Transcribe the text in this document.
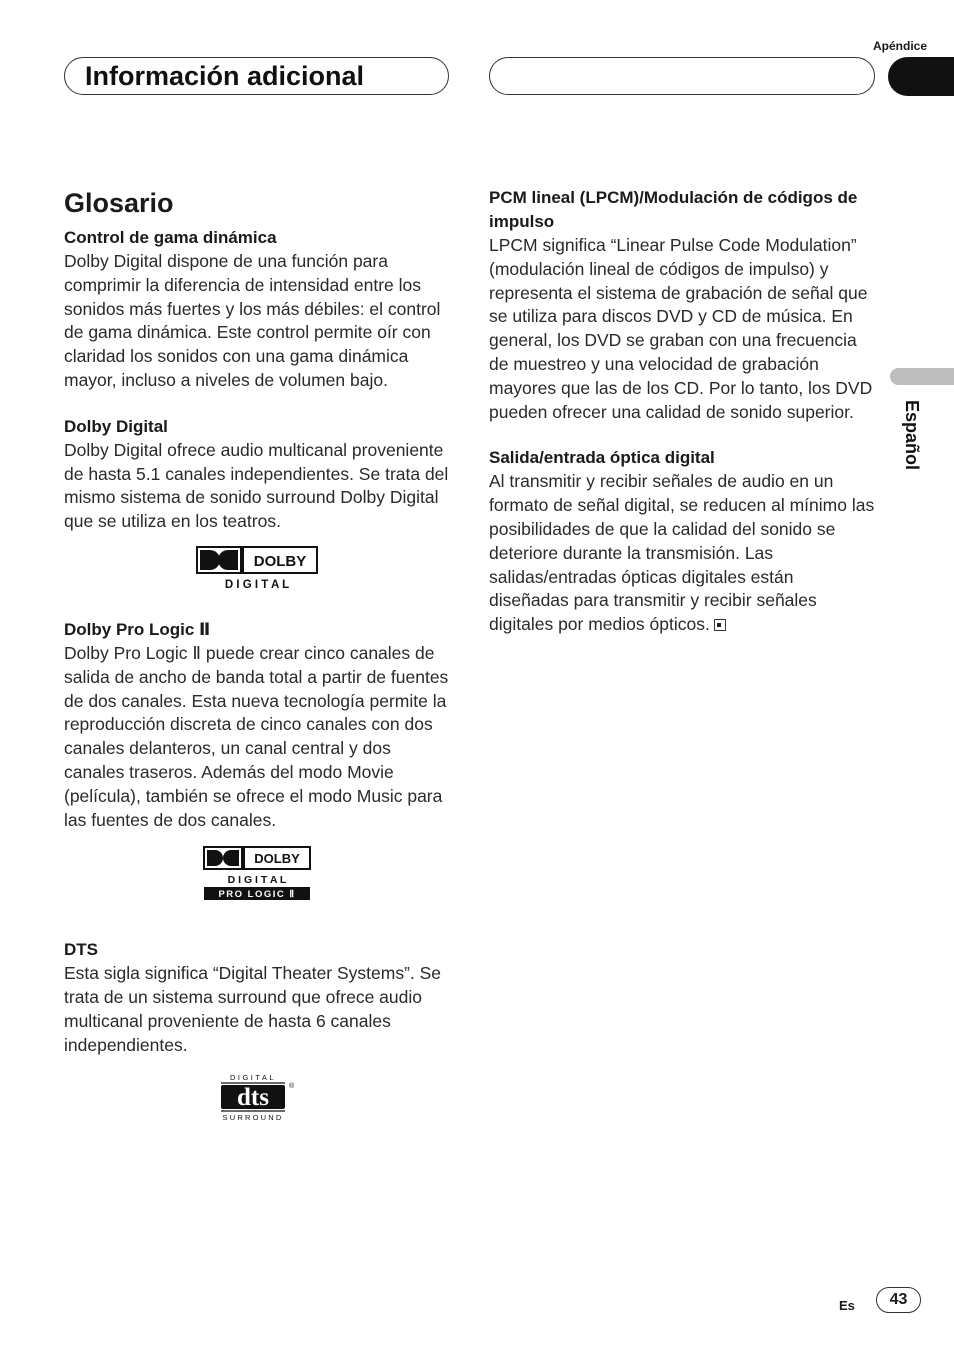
Apéndice
Información adicional
Español
Glosario
Control de gama dinámica

Dolby Digital dispone de una función para comprimir la diferencia de intensidad entre los sonidos más fuertes y los más débiles: el control de gama dinámica. Este control permite oír con claridad los sonidos con una gama dinámica mayor, incluso a niveles de volumen bajo.

Dolby Digital

Dolby Digital ofrece audio multicanal proveniente de hasta 5.1 canales independientes. Se trata del mismo sistema de sonido surround Dolby Digital que se utiliza en los teatros.

DOLBY
D I G I T A L
Dolby Pro Logic Ⅱ

Dolby Pro Logic Ⅱ puede crear cinco canales de salida de ancho de banda total a partir de fuentes de dos canales. Esta nueva tecnología permite la reproducción discreta de cinco canales con dos canales delanteros, un canal central y dos canales traseros. Además del modo Movie (película), también se ofrece el modo Music para las fuentes de dos canales.

DOLBY
D I G I T A L
PRO LOGIC Ⅱ
DTS

Esta sigla significa “Digital Theater Systems”. Se trata de un sistema surround que ofrece audio multicanal proveniente de hasta 6 canales independientes.

DIGITAL
dts	®
SURROUND
PCM lineal (LPCM)/Modulación de códigos de impulso

LPCM significa “Linear Pulse Code Modulation” (modulación lineal de códigos de impulso) y representa el sistema de grabación de señal que se utiliza para discos DVD y CD de música. En general, los DVD se graban con una frecuencia de muestreo y una velocidad de grabación mayores que las de los CD. Por lo tanto, los DVD pueden ofrecer una calidad de sonido superior.

Salida/entrada óptica digital

Al transmitir y recibir señales de audio en un formato de señal digital, se reducen al mínimo las posibilidades de que la calidad del sonido se deteriore durante la transmisión. Las salidas/entradas ópticas digitales están diseñadas para transmitir y recibir señales digitales por medios ópticos.

Es	43
